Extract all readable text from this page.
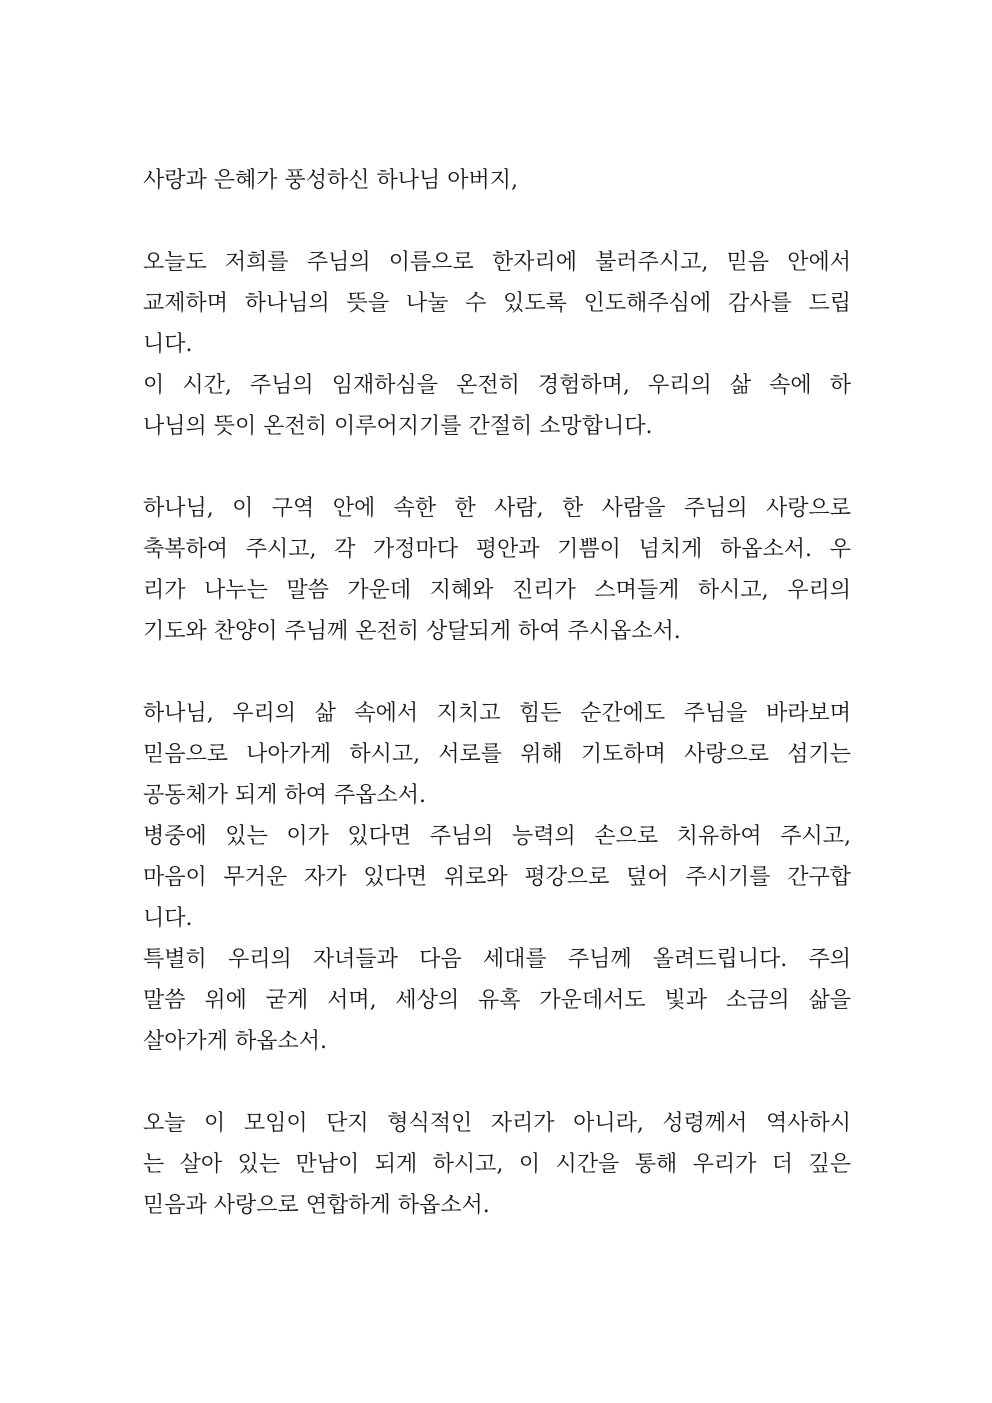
사랑과 은혜가 풍성하신 하나님 아버지,
오늘도 저희를 주님의 이름으로 한자리에 불러주시고, 믿음 안에서
교제하며 하나님의 뜻을 나눌 수 있도록 인도해주심에 감사를 드립
니다.
이 시간, 주님의 임재하심을 온전히 경험하며, 우리의 삶 속에 하
나님의 뜻이 온전히 이루어지기를 간절히 소망합니다.
하나님, 이 구역 안에 속한 한 사람, 한 사람을 주님의 사랑으로
축복하여 주시고, 각 가정마다 평안과 기쁨이 넘치게 하옵소서. 우
리가 나누는 말씀 가운데 지혜와 진리가 스며들게 하시고, 우리의
기도와 찬양이 주님께 온전히 상달되게 하여 주시옵소서.
하나님, 우리의 삶 속에서 지치고 힘든 순간에도 주님을 바라보며
믿음으로 나아가게 하시고, 서로를 위해 기도하며 사랑으로 섬기는
공동체가 되게 하여 주옵소서.
병중에 있는 이가 있다면 주님의 능력의 손으로 치유하여 주시고,
마음이 무거운 자가 있다면 위로와 평강으로 덮어 주시기를 간구합
니다.
특별히 우리의 자녀들과 다음 세대를 주님께 올려드립니다. 주의
말씀 위에 굳게 서며, 세상의 유혹 가운데서도 빛과 소금의 삶을
살아가게 하옵소서.
오늘 이 모임이 단지 형식적인 자리가 아니라, 성령께서 역사하시
는 살아 있는 만남이 되게 하시고, 이 시간을 통해 우리가 더 깊은
믿음과 사랑으로 연합하게 하옵소서.
